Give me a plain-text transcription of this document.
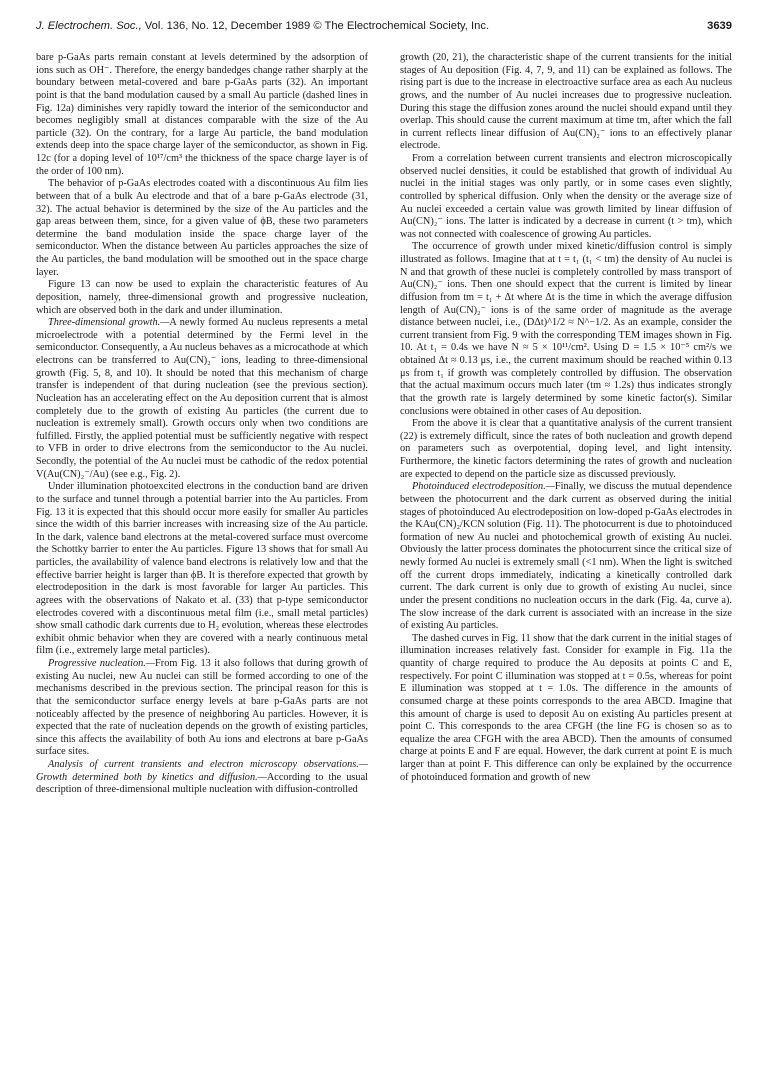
J. Electrochem. Soc., Vol. 136, No. 12, December 1989 © The Electrochemical Society, Inc.	3639

bare p-GaAs parts remain constant at levels determined by the adsorption of ions such as OH⁻. Therefore, the energy bandedges change rather sharply at the boundary between metal-covered and bare p-GaAs parts (32). An important point is that the band modulation caused by a small Au particle (dashed lines in Fig. 12a) diminishes very rapidly toward the interior of the semiconductor and becomes negligibly small at distances comparable with the size of the Au particle (32). On the contrary, for a large Au particle, the band modulation extends deep into the space charge layer of the semiconductor, as shown in Fig. 12c (for a doping level of 10¹⁷/cm³ the thickness of the space charge layer is of the order of 100 nm).

The behavior of p-GaAs electrodes coated with a discontinuous Au film lies between that of a bulk Au electrode and that of a bare p-GaAs electrode (31, 32). The actual behavior is determined by the size of the Au particles and the gap areas between them, since, for a given value of ϕB, these two parameters determine the band modulation inside the space charge layer of the semiconductor. When the distance between Au particles approaches the size of the Au particles, the band modulation will be smoothed out in the space charge layer.

Figure 13 can now be used to explain the characteristic features of Au deposition, namely, three-dimensional growth and progressive nucleation, which are observed both in the dark and under illumination.

Three-dimensional growth.—A newly formed Au nucleus represents a metal microelectrode with a potential determined by the Fermi level in the semiconductor. Consequently, a Au nucleus behaves as a microcathode at which electrons can be transferred to Au(CN)₂⁻ ions, leading to three-dimensional growth (Fig. 5, 8, and 10). It should be noted that this mechanism of charge transfer is independent of that during nucleation (see the previous section). Nucleation has an accelerating effect on the Au deposition current that is almost completely due to the growth of existing Au particles (the current due to nucleation is extremely small). Growth occurs only when two conditions are fulfilled. Firstly, the applied potential must be sufficiently negative with respect to VFB in order to drive electrons from the semiconductor to the Au nuclei. Secondly, the potential of the Au nuclei must be cathodic of the redox potential V(Au(CN)₂⁻/Au) (see e.g., Fig. 2).

Under illumination photoexcited electrons in the conduction band are driven to the surface and tunnel through a potential barrier into the Au particles. From Fig. 13 it is expected that this should occur more easily for smaller Au particles since the width of this barrier increases with increasing size of the Au particle. In the dark, valence band electrons at the metal-covered surface must overcome the Schottky barrier to enter the Au particles. Figure 13 shows that for small Au particles, the availability of valence band electrons is relatively low and that the effective barrier height is larger than ϕB. It is therefore expected that growth by electrodeposition in the dark is most favorable for larger Au particles. This agrees with the observations of Nakato et al. (33) that p-type semiconductor electrodes covered with a discontinuous metal film (i.e., small metal particles) show small cathodic dark currents due to H₂ evolution, whereas these electrodes exhibit ohmic behavior when they are covered with a nearly continuous metal film (i.e., extremely large metal particles).

Progressive nucleation.—From Fig. 13 it also follows that during growth of existing Au nuclei, new Au nuclei can still be formed according to one of the mechanisms described in the previous section. The principal reason for this is that the semiconductor surface energy levels at bare p-GaAs parts are not noticeably affected by the presence of neighboring Au particles. However, it is expected that the rate of nucleation depends on the growth of existing particles, since this affects the availability of both Au ions and electrons at bare p-GaAs surface sites.

Analysis of current transients and electron microscopy observations.—Growth determined both by kinetics and diffusion.—According to the usual description of three-dimensional multiple nucleation with diffusion-controlled

growth (20, 21), the characteristic shape of the current transients for the initial stages of Au deposition (Fig. 4, 7, 9, and 11) can be explained as follows. The rising part is due to the increase in electroactive surface area as each Au nucleus grows, and the number of Au nuclei increases due to progressive nucleation. During this stage the diffusion zones around the nuclei should expand until they overlap. This should cause the current maximum at time tm, after which the fall in current reflects linear diffusion of Au(CN)₂⁻ ions to an effectively planar electrode.

From a correlation between current transients and electron microscopically observed nuclei densities, it could be established that growth of individual Au nuclei in the initial stages was only partly, or in some cases even slightly, controlled by spherical diffusion. Only when the density or the average size of Au nuclei exceeded a certain value was growth limited by linear diffusion of Au(CN)₂⁻ ions. The latter is indicated by a decrease in current (t > tm), which was not connected with coalescence of growing Au particles.

The occurrence of growth under mixed kinetic/diffusion control is simply illustrated as follows. Imagine that at t = t₁ (t₁ < tm) the density of Au nuclei is N and that growth of these nuclei is completely controlled by mass transport of Au(CN)₂⁻ ions. Then one should expect that the current is limited by linear diffusion from tm = t₁ + Δt where Δt is the time in which the average diffusion length of Au(CN)₂⁻ ions is of the same order of magnitude as the average distance between nuclei, i.e., (DΔt)^1/2 ≈ N^−1/2. As an example, consider the current transient from Fig. 9 with the corresponding TEM images shown in Fig. 10. At t₁ = 0.4s we have N ≈ 5 × 10¹¹/cm². Using D = 1.5 × 10⁻⁵ cm²/s we obtained Δt ≈ 0.13 μs, i.e., the current maximum should be reached within 0.13 μs from t₁ if growth was completely controlled by diffusion. The observation that the actual maximum occurs much later (tm ≈ 1.2s) thus indicates strongly that the growth rate is largely determined by some kinetic factor(s). Similar conclusions were obtained in other cases of Au deposition.

From the above it is clear that a quantitative analysis of the current transient (22) is extremely difficult, since the rates of both nucleation and growth depend on parameters such as overpotential, doping level, and light intensity. Furthermore, the kinetic factors determining the rates of growth and nucleation are expected to depend on the particle size as discussed previously.

Photoinduced electrodeposition.—Finally, we discuss the mutual dependence between the photocurrent and the dark current as observed during the initial stages of photoinduced Au electrodeposition on low-doped p-GaAs electrodes in the KAu(CN)₂/KCN solution (Fig. 11). The photocurrent is due to photoinduced formation of new Au nuclei and photochemical growth of existing Au nuclei. Obviously the latter process dominates the photocurrent since the critical size of newly formed Au nuclei is extremely small (<1 nm). When the light is switched off the current drops immediately, indicating a kinetically controlled dark current. The dark current is only due to growth of existing Au nuclei, since under the present conditions no nucleation occurs in the dark (Fig. 4a, curve a). The slow increase of the dark current is associated with an increase in the size of existing Au particles.

The dashed curves in Fig. 11 show that the dark current in the initial stages of illumination increases relatively fast. Consider for example in Fig. 11a the quantity of charge required to produce the Au deposits at points C and E, respectively. For point C illumination was stopped at t = 0.5s, whereas for point E illumination was stopped at t = 1.0s. The difference in the amounts of consumed charge at these points corresponds to the area ABCD. Imagine that this amount of charge is used to deposit Au on existing Au particles present at point C. This corresponds to the area CFGH (the line FG is chosen so as to equalize the area CFGH with the area ABCD). Then the amounts of consumed charge at points E and F are equal. However, the dark current at point E is much larger than at point F. This difference can only be explained by the occurrence of photoinduced formation and growth of new
